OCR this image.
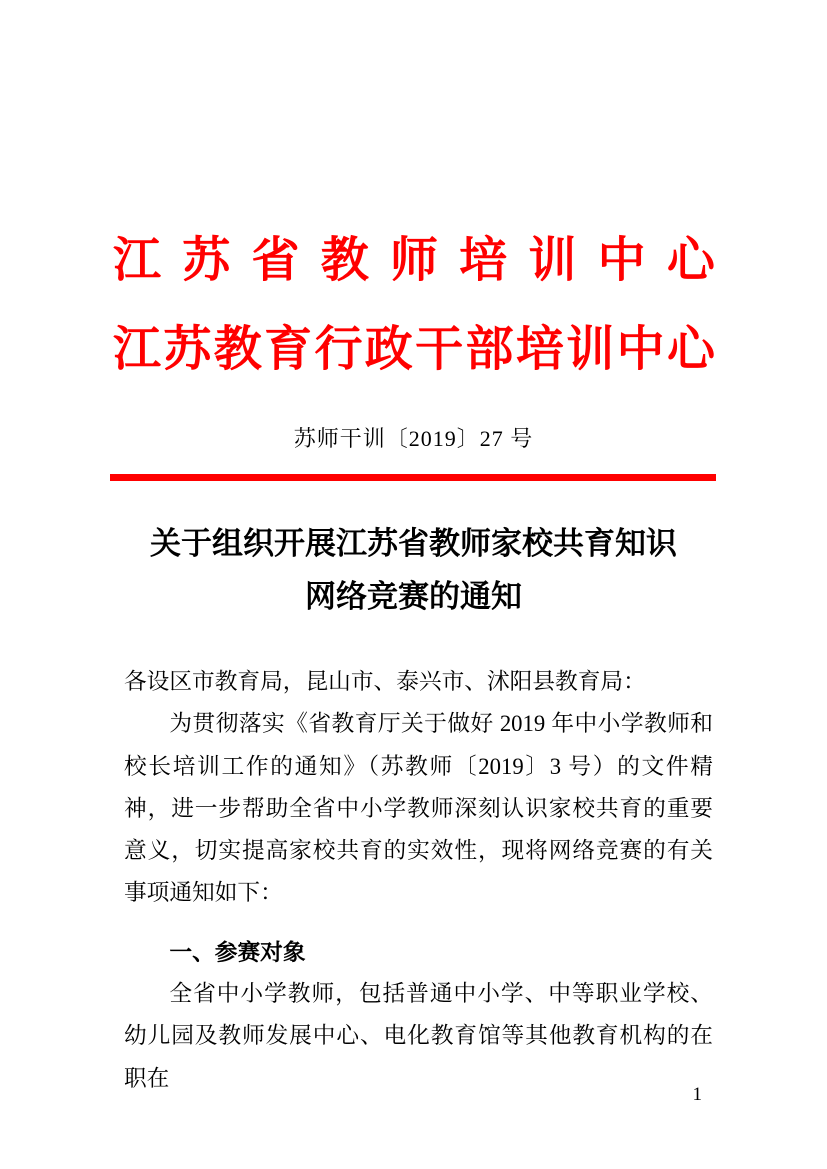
江 苏 省 教 师 培 训 中 心
江 苏 教 育 行 政 干 部 培 训 中 心
苏师干训〔2019〕27 号
关于组织开展江苏省教师家校共育知识
网络竞赛的通知

各设区市教育局，昆山市、泰兴市、沭阳县教育局：

为贯彻落实《省教育厅关于做好 2019 年中小学教师和校长培训工作的通知》（苏教师〔2019〕3 号）的文件精神，进一步帮助全省中小学教师深刻认识家校共育的重要意义，切实提高家校共育的实效性，现将网络竞赛的有关事项通知如下：

一、参赛对象

全省中小学教师，包括普通中小学、中等职业学校、幼儿园及教师发展中心、电化教育馆等其他教育机构的在职在

1
